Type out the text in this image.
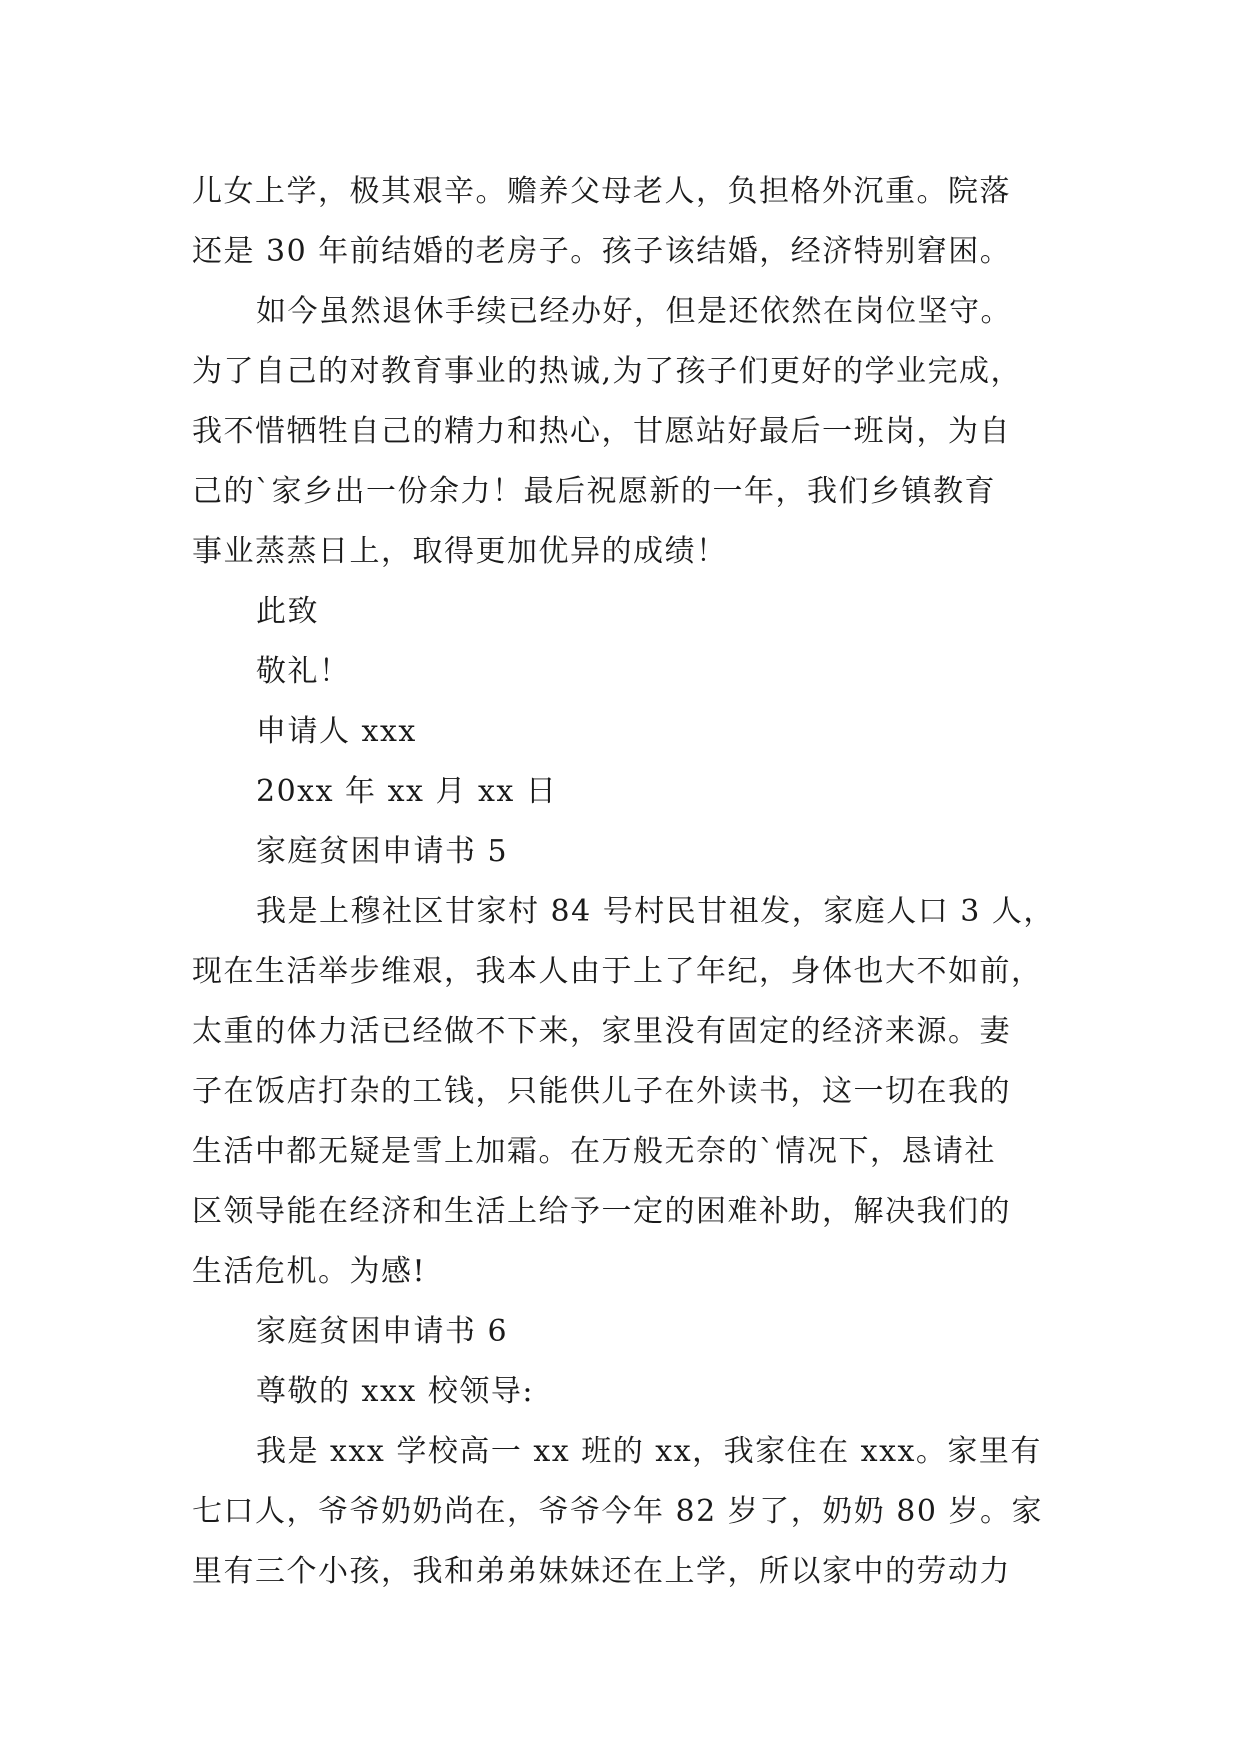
儿女上学，极其艰辛。赡养父母老人，负担格外沉重。院落
还是 30 年前结婚的老房子。孩子该结婚，经济特别窘困。
如今虽然退休手续已经办好，但是还依然在岗位坚守。
为了自己的对教育事业的热诚,为了孩子们更好的学业完成，
我不惜牺牲自己的精力和热心，甘愿站好最后一班岗，为自
己的`家乡出一份余力！最后祝愿新的一年，我们乡镇教育
事业蒸蒸日上，取得更加优异的成绩！
此致
敬礼！
申请人 xxx
20xx 年 xx 月 xx 日
家庭贫困申请书 5
我是上穆社区甘家村 84 号村民甘祖发，家庭人口 3 人，
现在生活举步维艰，我本人由于上了年纪，身体也大不如前，
太重的体力活已经做不下来，家里没有固定的经济来源。妻
子在饭店打杂的工钱，只能供儿子在外读书，这一切在我的
生活中都无疑是雪上加霜。在万般无奈的`情况下，恳请社
区领导能在经济和生活上给予一定的困难补助，解决我们的
生活危机。为感!
家庭贫困申请书 6
尊敬的 xxx 校领导:
我是 xxx 学校高一 xx 班的 xx，我家住在 xxx。家里有
七口人，爷爷奶奶尚在，爷爷今年 82 岁了，奶奶 80 岁。家
里有三个小孩，我和弟弟妹妹还在上学，所以家中的劳动力
